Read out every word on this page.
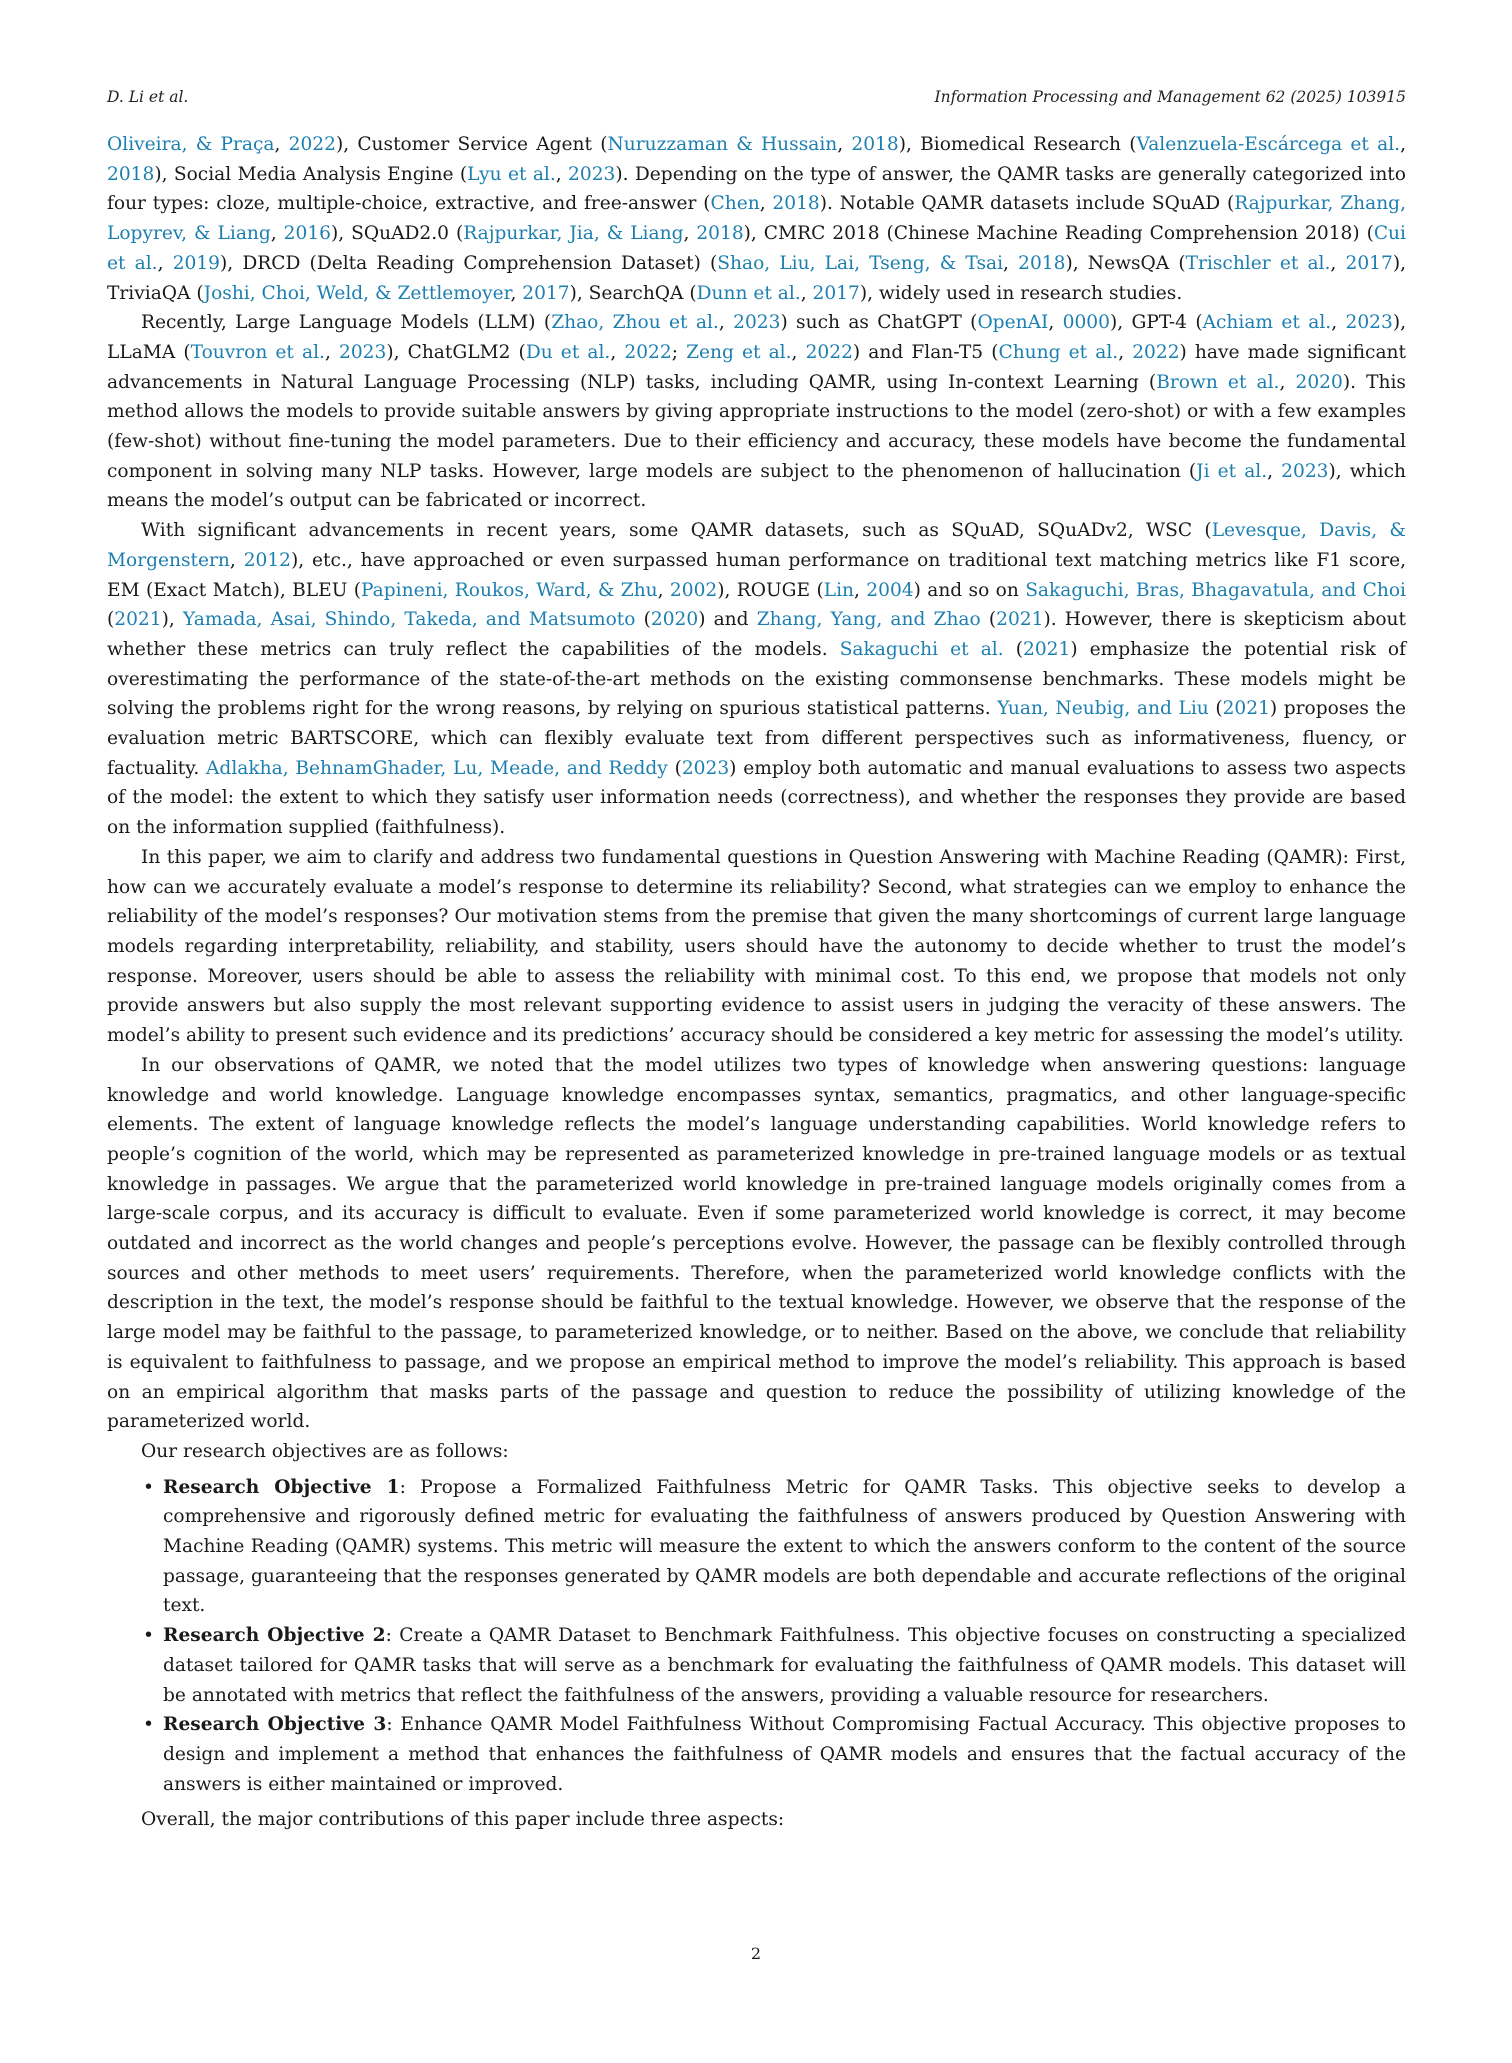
D. Li et al.	Information Processing and Management 62 (2025) 103915

Oliveira, & Praça, 2022), Customer Service Agent (Nuruzzaman & Hussain, 2018), Biomedical Research (Valenzuela-Escárcega et al., 2018), Social Media Analysis Engine (Lyu et al., 2023). Depending on the type of answer, the QAMR tasks are generally categorized into four types: cloze, multiple-choice, extractive, and free-answer (Chen, 2018). Notable QAMR datasets include SQuAD (Rajpurkar, Zhang, Lopyrev, & Liang, 2016), SQuAD2.0 (Rajpurkar, Jia, & Liang, 2018), CMRC 2018 (Chinese Machine Reading Comprehension 2018) (Cui et al., 2019), DRCD (Delta Reading Comprehension Dataset) (Shao, Liu, Lai, Tseng, & Tsai, 2018), NewsQA (Trischler et al., 2017), TriviaQA (Joshi, Choi, Weld, & Zettlemoyer, 2017), SearchQA (Dunn et al., 2017), widely used in research studies.

Recently, Large Language Models (LLM) (Zhao, Zhou et al., 2023) such as ChatGPT (OpenAI, 0000), GPT-4 (Achiam et al., 2023), LLaMA (Touvron et al., 2023), ChatGLM2 (Du et al., 2022; Zeng et al., 2022) and Flan-T5 (Chung et al., 2022) have made significant advancements in Natural Language Processing (NLP) tasks, including QAMR, using In-context Learning (Brown et al., 2020). This method allows the models to provide suitable answers by giving appropriate instructions to the model (zero-shot) or with a few examples (few-shot) without fine-tuning the model parameters. Due to their efficiency and accuracy, these models have become the fundamental component in solving many NLP tasks. However, large models are subject to the phenomenon of hallucination (Ji et al., 2023), which means the model’s output can be fabricated or incorrect.

With significant advancements in recent years, some QAMR datasets, such as SQuAD, SQuADv2, WSC (Levesque, Davis, & Morgenstern, 2012), etc., have approached or even surpassed human performance on traditional text matching metrics like F1 score, EM (Exact Match), BLEU (Papineni, Roukos, Ward, & Zhu, 2002), ROUGE (Lin, 2004) and so on Sakaguchi, Bras, Bhagavatula, and Choi (2021), Yamada, Asai, Shindo, Takeda, and Matsumoto (2020) and Zhang, Yang, and Zhao (2021). However, there is skepticism about whether these metrics can truly reflect the capabilities of the models. Sakaguchi et al. (2021) emphasize the potential risk of overestimating the performance of the state-of-the-art methods on the existing commonsense benchmarks. These models might be solving the problems right for the wrong reasons, by relying on spurious statistical patterns. Yuan, Neubig, and Liu (2021) proposes the evaluation metric BARTSCORE, which can flexibly evaluate text from different perspectives such as informativeness, fluency, or factuality. Adlakha, BehnamGhader, Lu, Meade, and Reddy (2023) employ both automatic and manual evaluations to assess two aspects of the model: the extent to which they satisfy user information needs (correctness), and whether the responses they provide are based on the information supplied (faithfulness).

In this paper, we aim to clarify and address two fundamental questions in Question Answering with Machine Reading (QAMR): First, how can we accurately evaluate a model’s response to determine its reliability? Second, what strategies can we employ to enhance the reliability of the model’s responses? Our motivation stems from the premise that given the many shortcomings of current large language models regarding interpretability, reliability, and stability, users should have the autonomy to decide whether to trust the model’s response. Moreover, users should be able to assess the reliability with minimal cost. To this end, we propose that models not only provide answers but also supply the most relevant supporting evidence to assist users in judging the veracity of these answers. The model’s ability to present such evidence and its predictions’ accuracy should be considered a key metric for assessing the model’s utility.

In our observations of QAMR, we noted that the model utilizes two types of knowledge when answering questions: language knowledge and world knowledge. Language knowledge encompasses syntax, semantics, pragmatics, and other language-specific elements. The extent of language knowledge reflects the model’s language understanding capabilities. World knowledge refers to people’s cognition of the world, which may be represented as parameterized knowledge in pre-trained language models or as textual knowledge in passages. We argue that the parameterized world knowledge in pre-trained language models originally comes from a large-scale corpus, and its accuracy is difficult to evaluate. Even if some parameterized world knowledge is correct, it may become outdated and incorrect as the world changes and people’s perceptions evolve. However, the passage can be flexibly controlled through sources and other methods to meet users’ requirements. Therefore, when the parameterized world knowledge conflicts with the description in the text, the model’s response should be faithful to the textual knowledge. However, we observe that the response of the large model may be faithful to the passage, to parameterized knowledge, or to neither. Based on the above, we conclude that reliability is equivalent to faithfulness to passage, and we propose an empirical method to improve the model’s reliability. This approach is based on an empirical algorithm that masks parts of the passage and question to reduce the possibility of utilizing knowledge of the parameterized world.

Our research objectives are as follows:

• Research Objective 1: Propose a Formalized Faithfulness Metric for QAMR Tasks. This objective seeks to develop a comprehensive and rigorously defined metric for evaluating the faithfulness of answers produced by Question Answering with Machine Reading (QAMR) systems. This metric will measure the extent to which the answers conform to the content of the source passage, guaranteeing that the responses generated by QAMR models are both dependable and accurate reflections of the original text.
• Research Objective 2: Create a QAMR Dataset to Benchmark Faithfulness. This objective focuses on constructing a specialized dataset tailored for QAMR tasks that will serve as a benchmark for evaluating the faithfulness of QAMR models. This dataset will be annotated with metrics that reflect the faithfulness of the answers, providing a valuable resource for researchers.
• Research Objective 3: Enhance QAMR Model Faithfulness Without Compromising Factual Accuracy. This objective proposes to design and implement a method that enhances the faithfulness of QAMR models and ensures that the factual accuracy of the answers is either maintained or improved.

Overall, the major contributions of this paper include three aspects:

2
